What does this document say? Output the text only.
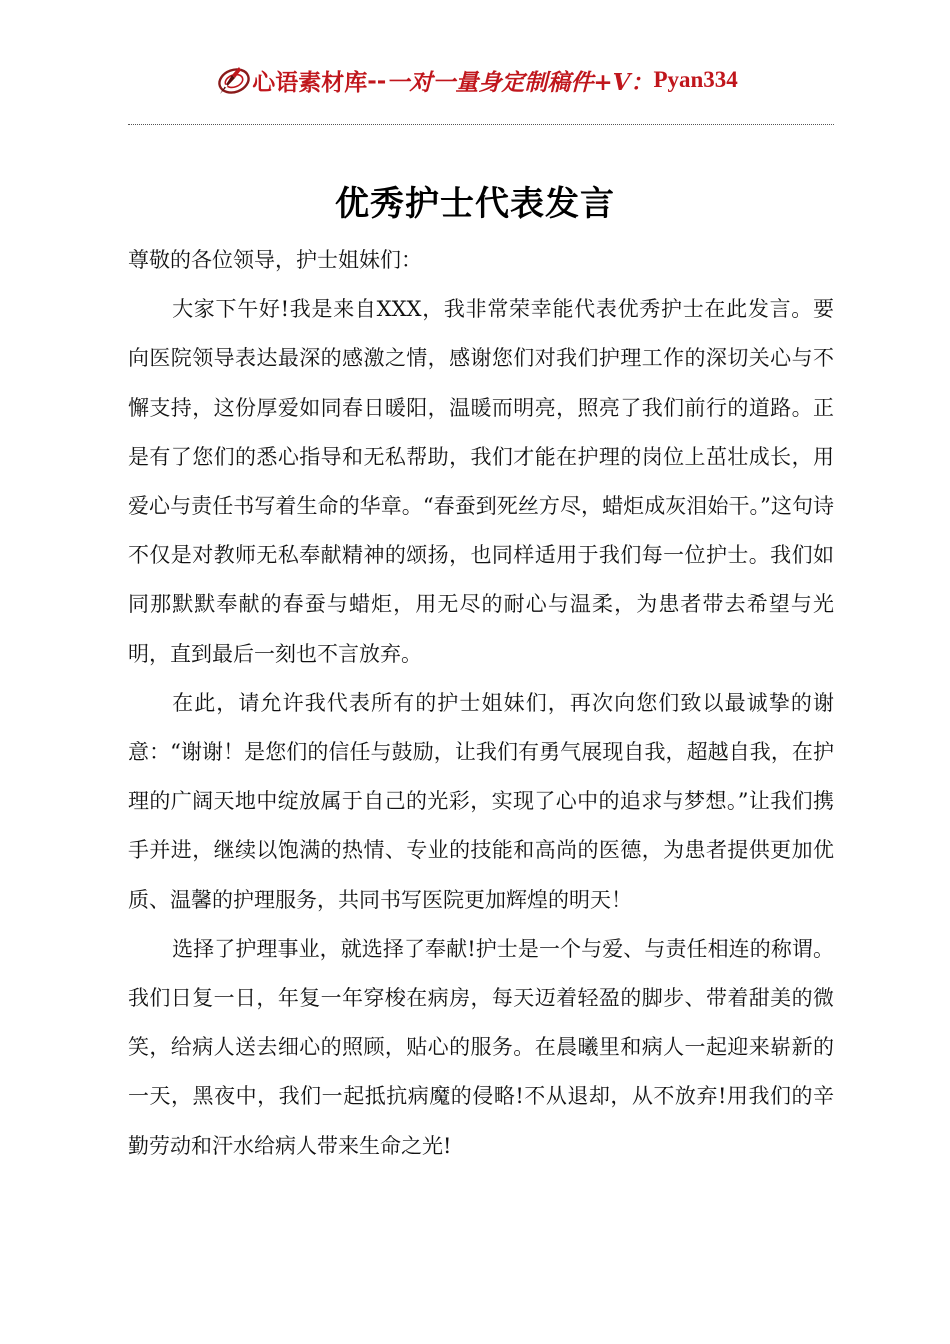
心语素材库 -- 一对一量身定制稿件+V： Pyan334
优秀护士代表发言

尊敬的各位领导，护士姐妹们：

大家下午好!我是来自XXX，我非常荣幸能代表优秀护士在此发言。要向医院领导表达最深的感激之情，感谢您们对我们护理工作的深切关心与不懈支持，这份厚爱如同春日暖阳，温暖而明亮，照亮了我们前行的道路。正是有了您们的悉心指导和无私帮助，我们才能在护理的岗位上茁壮成长，用爱心与责任书写着生命的华章。“春蚕到死丝方尽，蜡炬成灰泪始干。”这句诗不仅是对教师无私奉献精神的颂扬，也同样适用于我们每一位护士。我们如同那默默奉献的春蚕与蜡炬，用无尽的耐心与温柔，为患者带去希望与光明，直到最后一刻也不言放弃。

在此，请允许我代表所有的护士姐妹们，再次向您们致以最诚挚的谢意：“谢谢！是您们的信任与鼓励，让我们有勇气展现自我，超越自我，在护理的广阔天地中绽放属于自己的光彩，实现了心中的追求与梦想。”让我们携手并进，继续以饱满的热情、专业的技能和高尚的医德，为患者提供更加优质、温馨的护理服务，共同书写医院更加辉煌的明天！

选择了护理事业，就选择了奉献!护士是一个与爱、与责任相连的称谓。我们日复一日，年复一年穿梭在病房，每天迈着轻盈的脚步、带着甜美的微笑，给病人送去细心的照顾，贴心的服务。在晨曦里和病人一起迎来崭新的一天，黑夜中，我们一起抵抗病魔的侵略!不从退却，从不放弃!用我们的辛勤劳动和汗水给病人带来生命之光!
